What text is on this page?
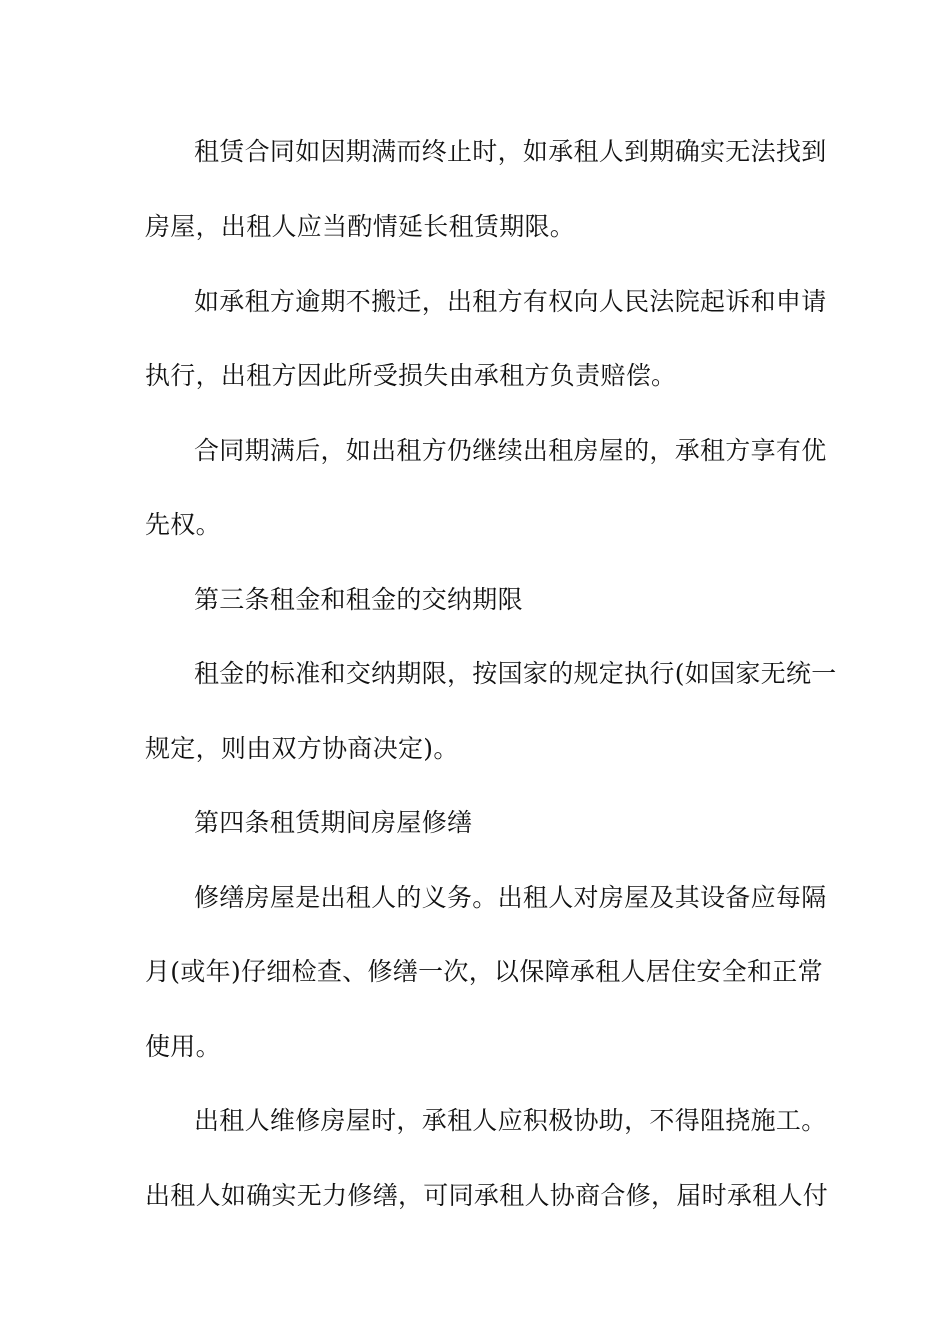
租赁合同如因期满而终止时，如承租人到期确实无法找到
房屋，出租人应当酌情延长租赁期限。
如承租方逾期不搬迁，出租方有权向人民法院起诉和申请
执行，出租方因此所受损失由承租方负责赔偿。
合同期满后，如出租方仍继续出租房屋的，承租方享有优
先权。
第三条租金和租金的交纳期限
租金的标准和交纳期限，按国家的规定执行(如国家无统一
规定，则由双方协商决定)。
第四条租赁期间房屋修缮
修缮房屋是出租人的义务。出租人对房屋及其设备应每隔
月(或年)仔细检查、修缮一次，以保障承租人居住安全和正常
使用。
出租人维修房屋时，承租人应积极协助，不得阻挠施工。
出租人如确实无力修缮，可同承租人协商合修，届时承租人付
